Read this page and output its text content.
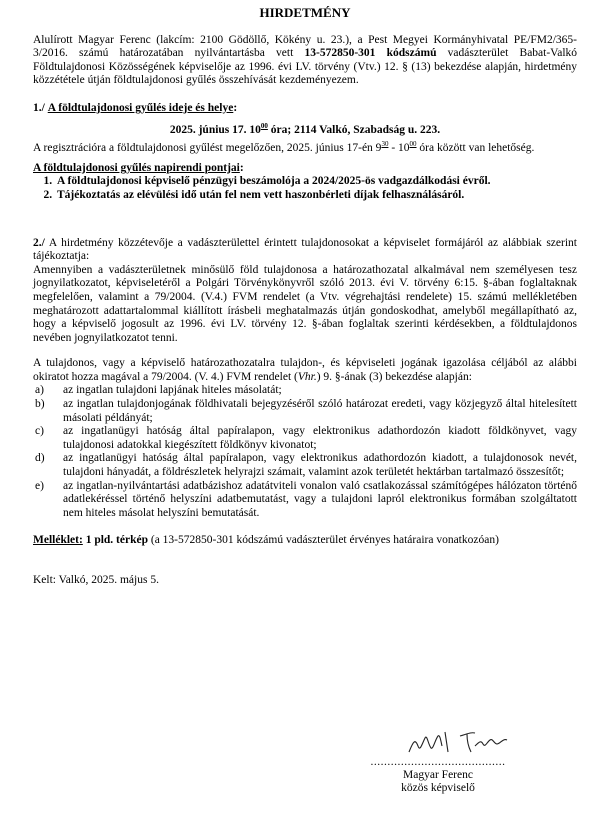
HIRDETMÉNY

Alulírott Magyar Ferenc (lakcím: 2100 Gödöllő, Kökény u. 23.), a Pest Megyei Kormányhivatal PE/FM2/365-3/2016. számú határozatában nyilvántartásba vett 13-572850-301 kódszámú vadászterület Babat-Valkó Földtulajdonosi Közösségének képviselője az 1996. évi LV. törvény (Vtv.) 12. § (13) bekezdése alapján, hirdetmény közzététele útján földtulajdonosi gyűlés összehívását kezdeményezem.

1./ A földtulajdonosi gyűlés ideje és helye:

2025. június 17. $10^{00}$ óra; 2114 Valkó, Szabadság u. 223.

A regisztrációra a földtulajdonosi gyűlést megelőzően, 2025. június 17-én $9^{30} - 10^{00}$ óra között van lehetőség.

A földtulajdonosi gyűlés napirendi pontjai:

1. A földtulajdonosi képviselő pénzügyi beszámolója a 2024/2025-ös vadgazdálkodási évről.
2. Tájékoztatás az elévülési idő után fel nem vett haszonbérleti díjak felhasználásáról.

2./ A hirdetmény közzétevője a vadászterülettel érintett tulajdonosokat a képviselet formájáról az alábbiak szerint tájékoztatja:

Amennyiben a vadászterületnek minősülő föld tulajdonosa a határozathozatal alkalmával nem személyesen tesz jognyilatkozatot, képviseletéről a Polgári Törvénykönyvről szóló 2013. évi V. törvény 6:15. §-ában foglaltaknak megfelelően, valamint a 79/2004. (V.4.) FVM rendelet (a Vtv. végrehajtási rendelete) 15. számú mellékletében meghatározott adattartalommal kiállított írásbeli meghatalmazás útján gondoskodhat, amelyből megállapítható az, hogy a képviselő jogosult az 1996. évi LV. törvény 12. §-ában foglaltak szerinti kérdésekben, a földtulajdonos nevében jognyilatkozatot tenni.

A tulajdonos, vagy a képviselő határozathozatalra tulajdon-, és képviseleti jogának igazolása céljából az alábbi okiratot hozza magával a 79/2004. (V. 4.) FVM rendelet (Vhr.) 9. §-ának (3) bekezdése alapján:

a)	az ingatlan tulajdoni lapjának hiteles másolatát;
b)	az ingatlan tulajdonjogának földhivatali bejegyzéséről szóló határozat eredeti, vagy közjegyző által hitelesített másolati példányát;
c)	az ingatlanügyi hatóság által papíralapon, vagy elektronikus adathordozón kiadott földkönyvet, vagy tulajdonosi adatokkal kiegészített földkönyv kivonatot;
d)	az ingatlanügyi hatóság által papíralapon, vagy elektronikus adathordozón kiadott, a tulajdonosok nevét, tulajdoni hányadát, a földrészletek helyrajzi számait, valamint azok területét hektárban tartalmazó összesítőt;
e)	az ingatlan-nyilvántartási adatbázishoz adatátviteli vonalon való csatlakozással számítógépes hálózaton történő adatlekéréssel történő helyszíni adatbemutatást, vagy a tulajdoni lapról elektronikus formában szolgáltatott nem hiteles másolat helyszíni bemutatását.

Melléklet: 1 pld. térkép (a 13-572850-301 kódszámú vadászterület érvényes határaira vonatkozóan)

Kelt: Valkó, 2025. május 5.

........................................
Magyar Ferenc
közös képviselő
